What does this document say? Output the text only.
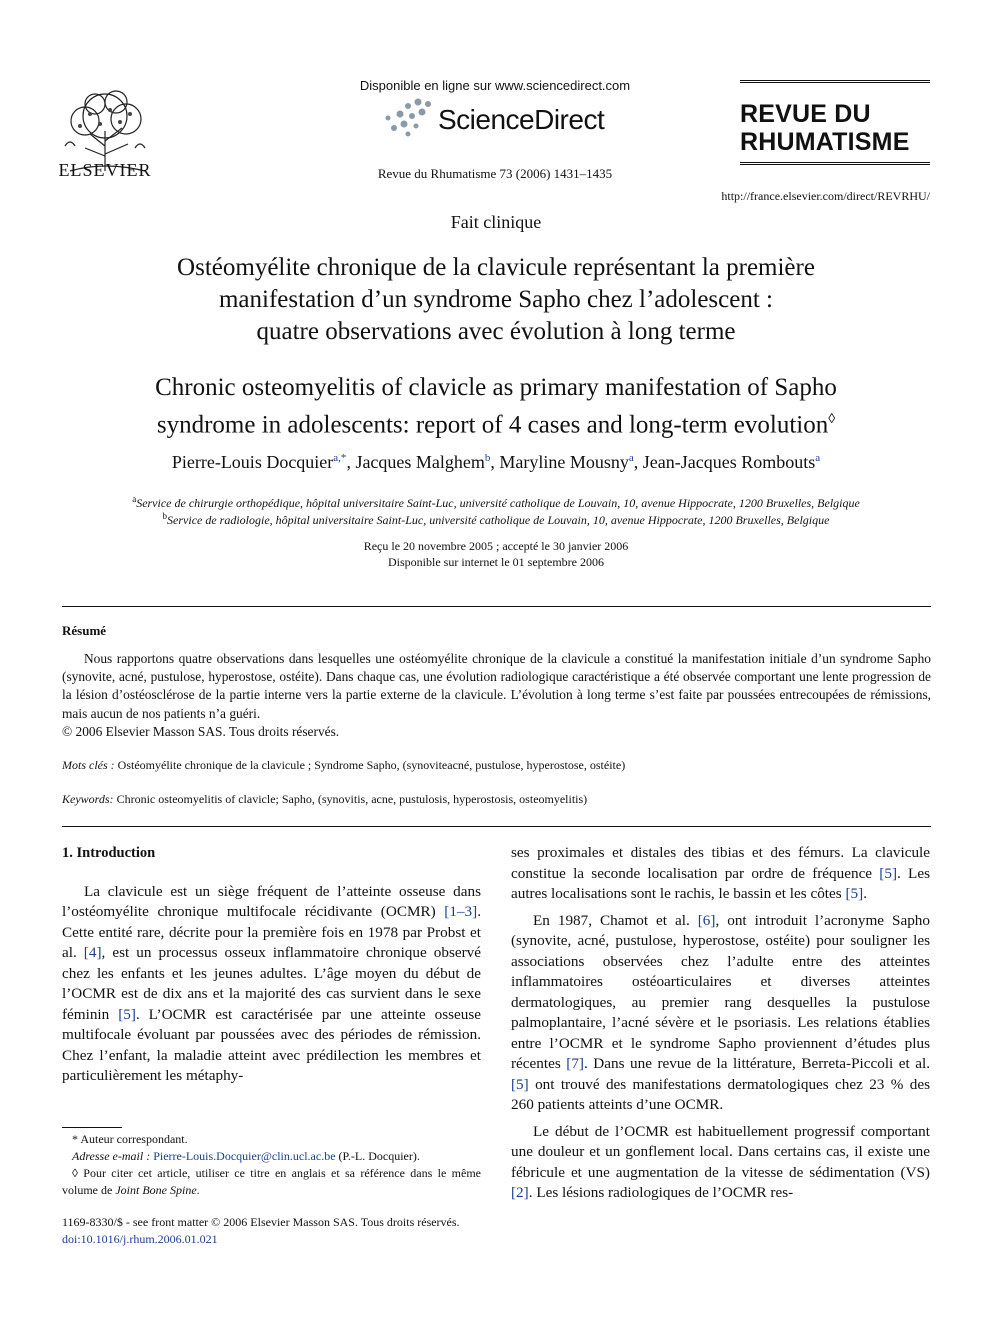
ELSEVIER
Disponible en ligne sur www.sciencedirect.com
ScienceDirect
Revue du Rhumatisme 73 (2006) 1431–1435
REVUE DU
RHUMATISME
http://france.elsevier.com/direct/REVRHU/
Fait clinique
Ostéomyélite chronique de la clavicule représentant la première
manifestation d’un syndrome Sapho chez l’adolescent :
quatre observations avec évolution à long terme
Chronic osteomyelitis of clavicle as primary manifestation of Sapho
syndrome in adolescents: report of 4 cases and long-term evolution◊
Pierre-Louis Docquier$^{a,*}$, Jacques Malghem$^b$, Maryline Mousny$^a$, Jean-Jacques Rombouts$^a$
$^a$Service de chirurgie orthopédique, hôpital universitaire Saint-Luc, université catholique de Louvain, 10, avenue Hippocrate, 1200 Bruxelles, Belgique
$^b$Service de radiologie, hôpital universitaire Saint-Luc, université catholique de Louvain, 10, avenue Hippocrate, 1200 Bruxelles, Belgique
Reçu le 20 novembre 2005 ; accepté le 30 janvier 2006
Disponible sur internet le 01 septembre 2006
Résumé
Nous rapportons quatre observations dans lesquelles une ostéomyélite chronique de la clavicule a constitué la manifestation initiale d’un syndrome Sapho (synovite, acné, pustulose, hyperostose, ostéite). Dans chaque cas, une évolution radiologique caractéristique a été observée comportant une lente progression de la lésion d’ostéosclérose de la partie interne vers la partie externe de la clavicule. L’évolution à long terme s’est faite par poussées entrecoupées de rémissions, mais aucun de nos patients n’a guéri.
© 2006 Elsevier Masson SAS. Tous droits réservés.
Mots clés : Ostéomyélite chronique de la clavicule ; Syndrome Sapho, (synoviteacné, pustulose, hyperostose, ostéite)
Keywords: Chronic osteomyelitis of clavicle; Sapho, (synovitis, acne, pustulosis, hyperostosis, osteomyelitis)
1. Introduction

La clavicule est un siège fréquent de l’atteinte osseuse dans l’ostéomyélite chronique multifocale récidivante (OCMR) [1–3]. Cette entité rare, décrite pour la première fois en 1978 par Probst et al. [4], est un processus osseux inflammatoire chronique observé chez les enfants et les jeunes adultes. L’âge moyen du début de l’OCMR est de dix ans et la majorité des cas survient dans le sexe féminin [5]. L’OCMR est caractérisée par une atteinte osseuse multifocale évoluant par poussées avec des périodes de rémission. Chez l’enfant, la maladie atteint avec prédilection les membres et particulièrement les métaphy-

ses proximales et distales des tibias et des fémurs. La clavicule constitue la seconde localisation par ordre de fréquence [5]. Les autres localisations sont le rachis, le bassin et les côtes [5].

En 1987, Chamot et al. [6], ont introduit l’acronyme Sapho (synovite, acné, pustulose, hyperostose, ostéite) pour souligner les associations observées chez l’adulte entre des atteintes inflammatoires ostéoarticulaires et diverses atteintes dermatologiques, au premier rang desquelles la pustulose palmoplantaire, l’acné sévère et le psoriasis. Les relations établies entre l’OCMR et le syndrome Sapho proviennent d’études plus récentes [7]. Dans une revue de la littérature, Berreta-Piccoli et al. [5] ont trouvé des manifestations dermatologiques chez 23 % des 260 patients atteints d’une OCMR.

Le début de l’OCMR est habituellement progressif comportant une douleur et un gonflement local. Dans certains cas, il existe une fébricule et une augmentation de la vitesse de sédimentation (VS) [2]. Les lésions radiologiques de l’OCMR res-

* Auteur correspondant.
Adresse e-mail : Pierre-Louis.Docquier@clin.ucl.ac.be (P.-L. Docquier).
◊ Pour citer cet article, utiliser ce titre en anglais et sa référence dans le même volume de Joint Bone Spine.
1169-8330/$ - see front matter © 2006 Elsevier Masson SAS. Tous droits réservés.
doi:10.1016/j.rhum.2006.01.021
